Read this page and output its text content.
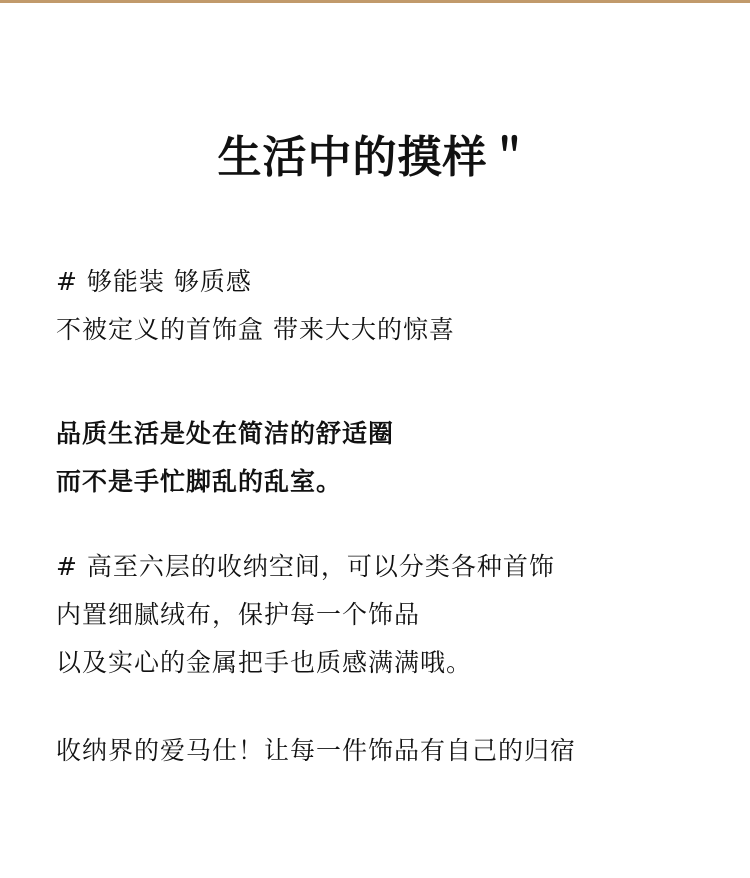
生活中的摸样＂
# 够能装 够质感
不被定义的首饰盒 带来大大的惊喜
品质生活是处在简洁的舒适圈
而不是手忙脚乱的乱室。
# 高至六层的收纳空间，可以分类各种首饰
内置细腻绒布，保护每一个饰品
以及实心的金属把手也质感满满哦。
收纳界的爱马仕！让每一件饰品有自己的归宿
